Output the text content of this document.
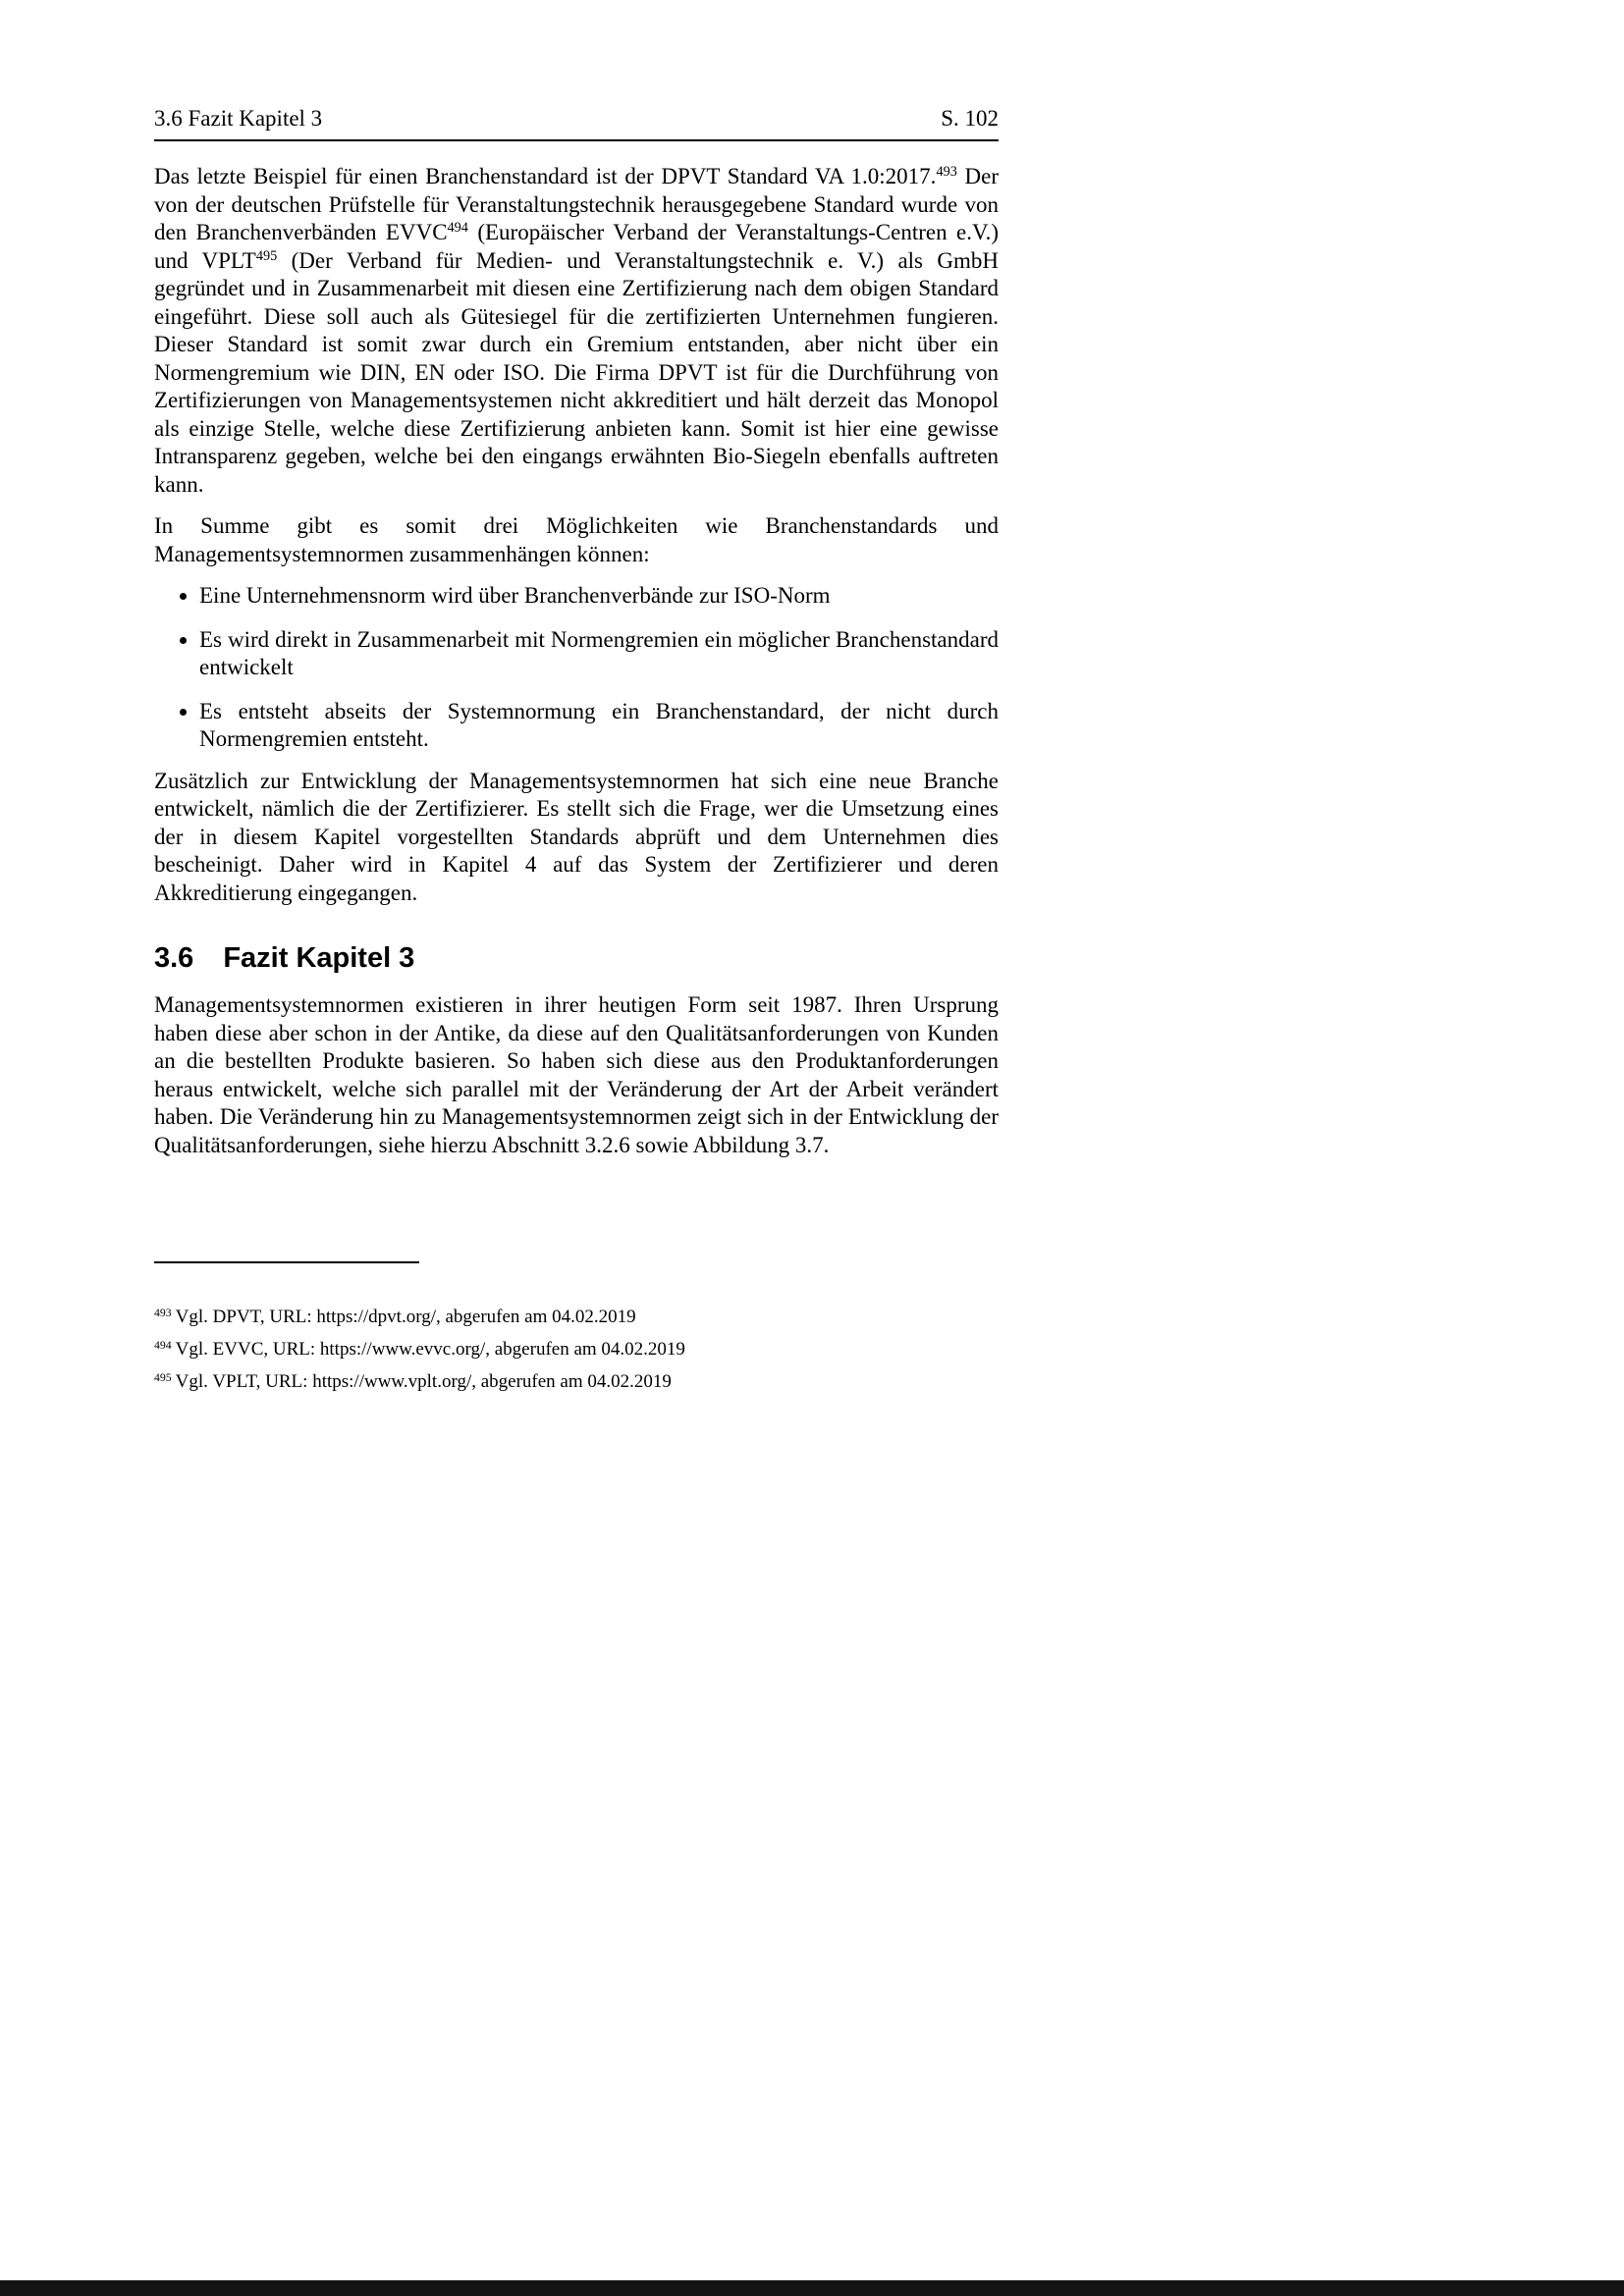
3.6 Fazit Kapitel 3	S. 102

Das letzte Beispiel für einen Branchenstandard ist der DPVT Standard VA 1.0:2017.$^{493}$ Der von der deutschen Prüfstelle für Veranstaltungstechnik herausgegebene Standard wurde von den Branchenverbänden EVVC$^{494}$ (Europäischer Verband der Veranstaltungs-Centren e.V.) und VPLT$^{495}$ (Der Verband für Medien- und Veranstaltungstechnik e. V.) als GmbH gegründet und in Zusammenarbeit mit diesen eine Zertifizierung nach dem obigen Standard eingeführt. Diese soll auch als Gütesiegel für die zertifizierten Unternehmen fungieren. Dieser Standard ist somit zwar durch ein Gremium entstanden, aber nicht über ein Normengremium wie DIN, EN oder ISO. Die Firma DPVT ist für die Durchführung von Zertifizierungen von Managementsystemen nicht akkreditiert und hält derzeit das Monopol als einzige Stelle, welche diese Zertifizierung anbieten kann. Somit ist hier eine gewisse Intransparenz gegeben, welche bei den eingangs erwähnten Bio-Siegeln ebenfalls auftreten kann.

In Summe gibt es somit drei Möglichkeiten wie Branchenstandards und Managementsystemnormen zusammenhängen können:

• Eine Unternehmensnorm wird über Branchenverbände zur ISO-Norm
• Es wird direkt in Zusammenarbeit mit Normengremien ein möglicher Branchenstandard entwickelt
• Es entsteht abseits der Systemnormung ein Branchenstandard, der nicht durch Normengremien entsteht.

Zusätzlich zur Entwicklung der Managementsystemnormen hat sich eine neue Branche entwickelt, nämlich die der Zertifizierer. Es stellt sich die Frage, wer die Umsetzung eines der in diesem Kapitel vorgestellten Standards abprüft und dem Unternehmen dies bescheinigt. Daher wird in Kapitel 4 auf das System der Zertifizierer und deren Akkreditierung eingegangen.

3.6 Fazit Kapitel 3

Managementsystemnormen existieren in ihrer heutigen Form seit 1987. Ihren Ursprung haben diese aber schon in der Antike, da diese auf den Qualitätsanforderungen von Kunden an die bestellten Produkte basieren. So haben sich diese aus den Produktanforderungen heraus entwickelt, welche sich parallel mit der Veränderung der Art der Arbeit verändert haben. Die Veränderung hin zu Managementsystemnormen zeigt sich in der Entwicklung der Qualitätsanforderungen, siehe hierzu Abschnitt 3.2.6 sowie Abbildung 3.7.

$^{493}$ Vgl. DPVT, URL: https://dpvt.org/, abgerufen am 04.02.2019
$^{494}$ Vgl. EVVC, URL: https://www.evvc.org/, abgerufen am 04.02.2019
$^{495}$ Vgl. VPLT, URL: https://www.vplt.org/, abgerufen am 04.02.2019
